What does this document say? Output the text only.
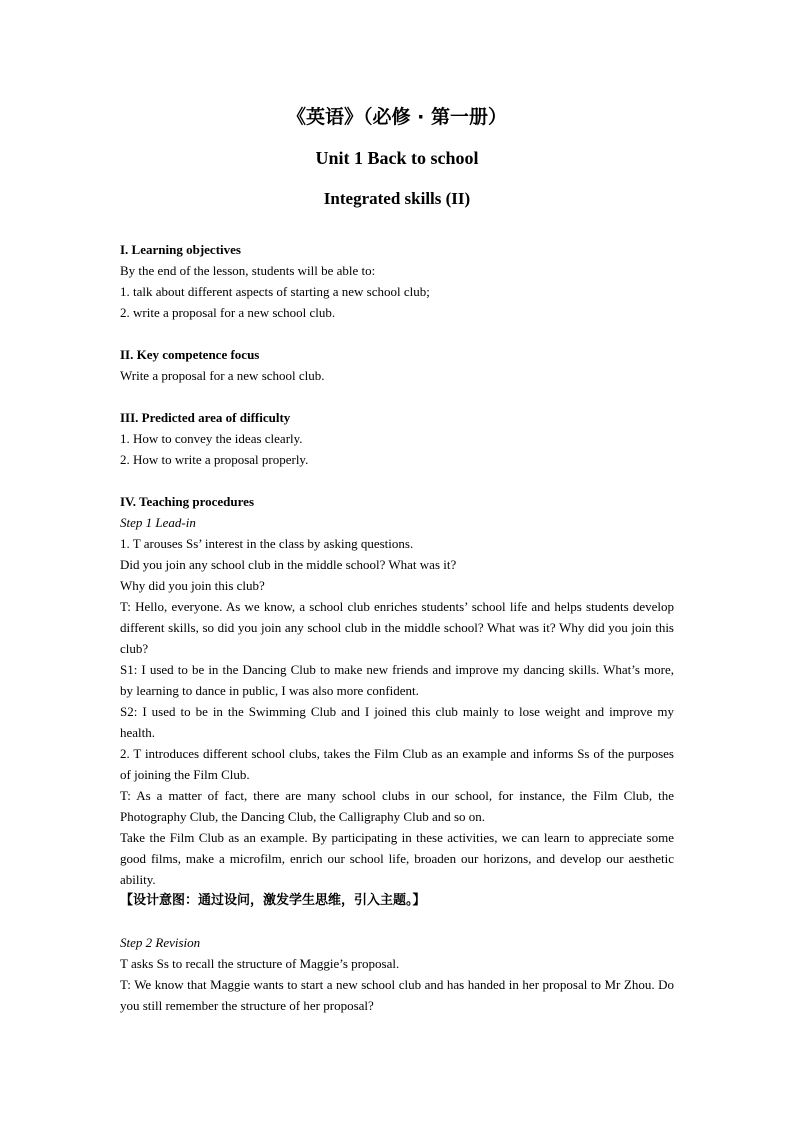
《英语》（必修 · 第一册）
Unit 1 Back to school
Integrated skills (II)
I. Learning objectives
By the end of the lesson, students will be able to:
1. talk about different aspects of starting a new school club;
2. write a proposal for a new school club.
II. Key competence focus
Write a proposal for a new school club.
III. Predicted area of difficulty
1. How to convey the ideas clearly.
2. How to write a proposal properly.
IV. Teaching procedures
Step 1 Lead-in
1. T arouses Ss’ interest in the class by asking questions.
Did you join any school club in the middle school? What was it?
Why did you join this club?
T: Hello, everyone. As we know, a school club enriches students’ school life and helps students develop different skills, so did you join any school club in the middle school? What was it? Why did you join this club?
S1: I used to be in the Dancing Club to make new friends and improve my dancing skills. What’s more, by learning to dance in public, I was also more confident.
S2: I used to be in the Swimming Club and I joined this club mainly to lose weight and improve my health.
2. T introduces different school clubs, takes the Film Club as an example and informs Ss of the purposes of joining the Film Club.
T: As a matter of fact, there are many school clubs in our school, for instance, the Film Club, the Photography Club, the Dancing Club, the Calligraphy Club and so on.
Take the Film Club as an example. By participating in these activities, we can learn to appreciate some good films, make a microfilm, enrich our school life, broaden our horizons, and develop our aesthetic ability.
【设计意图：通过设问，激发学生思维，引入主题。】
Step 2 Revision
T asks Ss to recall the structure of Maggie’s proposal.
T: We know that Maggie wants to start a new school club and has handed in her proposal to Mr Zhou. Do you still remember the structure of her proposal?
